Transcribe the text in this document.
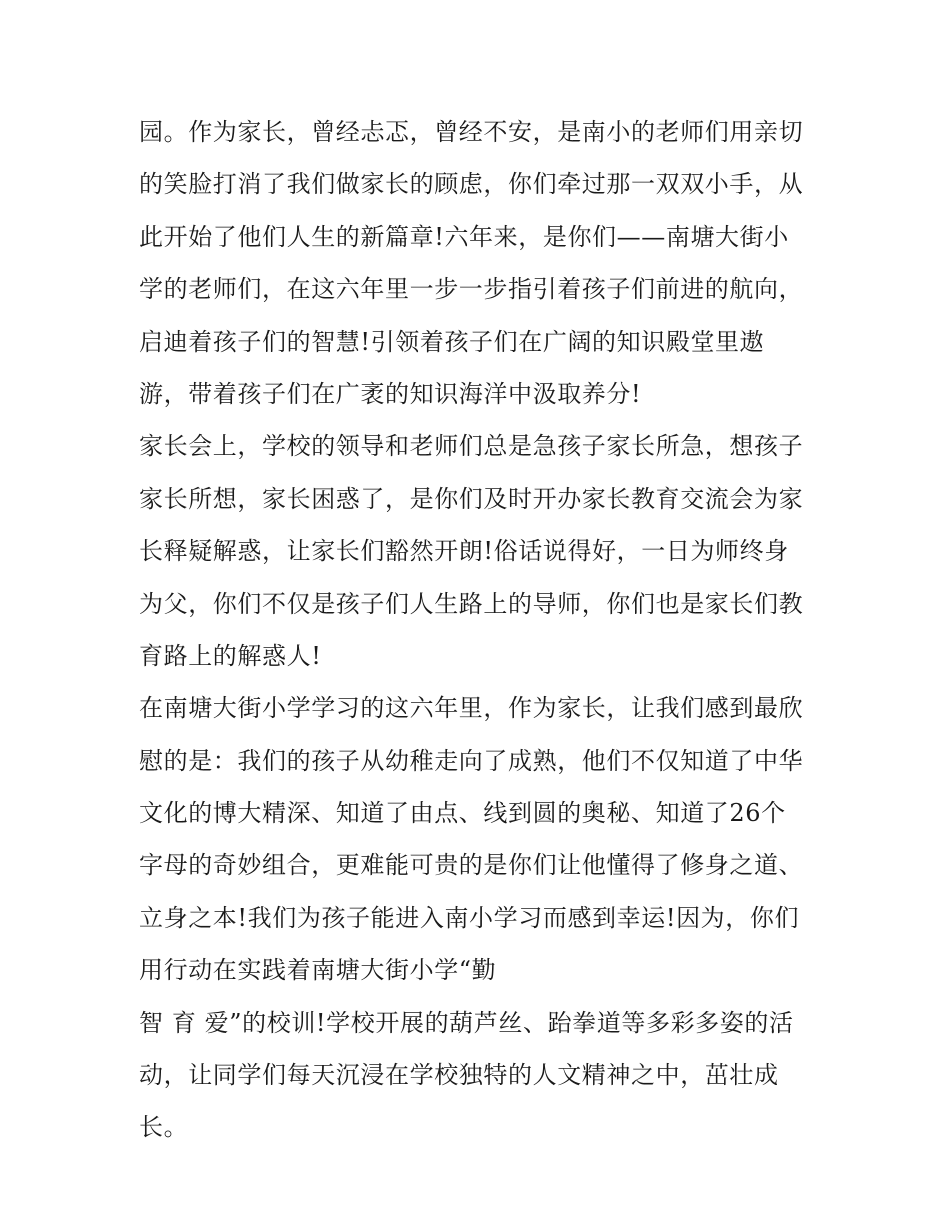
园。作为家长，曾经忐忑，曾经不安，是南小的老师们用亲切
的笑脸打消了我们做家长的顾虑，你们牵过那一双双小手，从
此开始了他们人生的新篇章!六年来，是你们——南塘大街小
学的老师们，在这六年里一步一步指引着孩子们前进的航向，
启迪着孩子们的智慧!引领着孩子们在广阔的知识殿堂里遨
游，带着孩子们在广袤的知识海洋中汲取养分!
家长会上，学校的领导和老师们总是急孩子家长所急，想孩子
家长所想，家长困惑了，是你们及时开办家长教育交流会为家
长释疑解惑，让家长们豁然开朗!俗话说得好，一日为师终身
为父，你们不仅是孩子们人生路上的导师，你们也是家长们教
育路上的解惑人!
在南塘大街小学学习的这六年里，作为家长，让我们感到最欣
慰的是：我们的孩子从幼稚走向了成熟，他们不仅知道了中华
文化的博大精深、知道了由点、线到圆的奥秘、知道了26个
字母的奇妙组合，更难能可贵的是你们让他懂得了修身之道、
立身之本!我们为孩子能进入南小学习而感到幸运!因为，你们
用行动在实践着南塘大街小学“勤
智 育 爱”的校训!学校开展的葫芦丝、跆拳道等多彩多姿的活
动，让同学们每天沉浸在学校独特的人文精神之中，茁壮成
长。
